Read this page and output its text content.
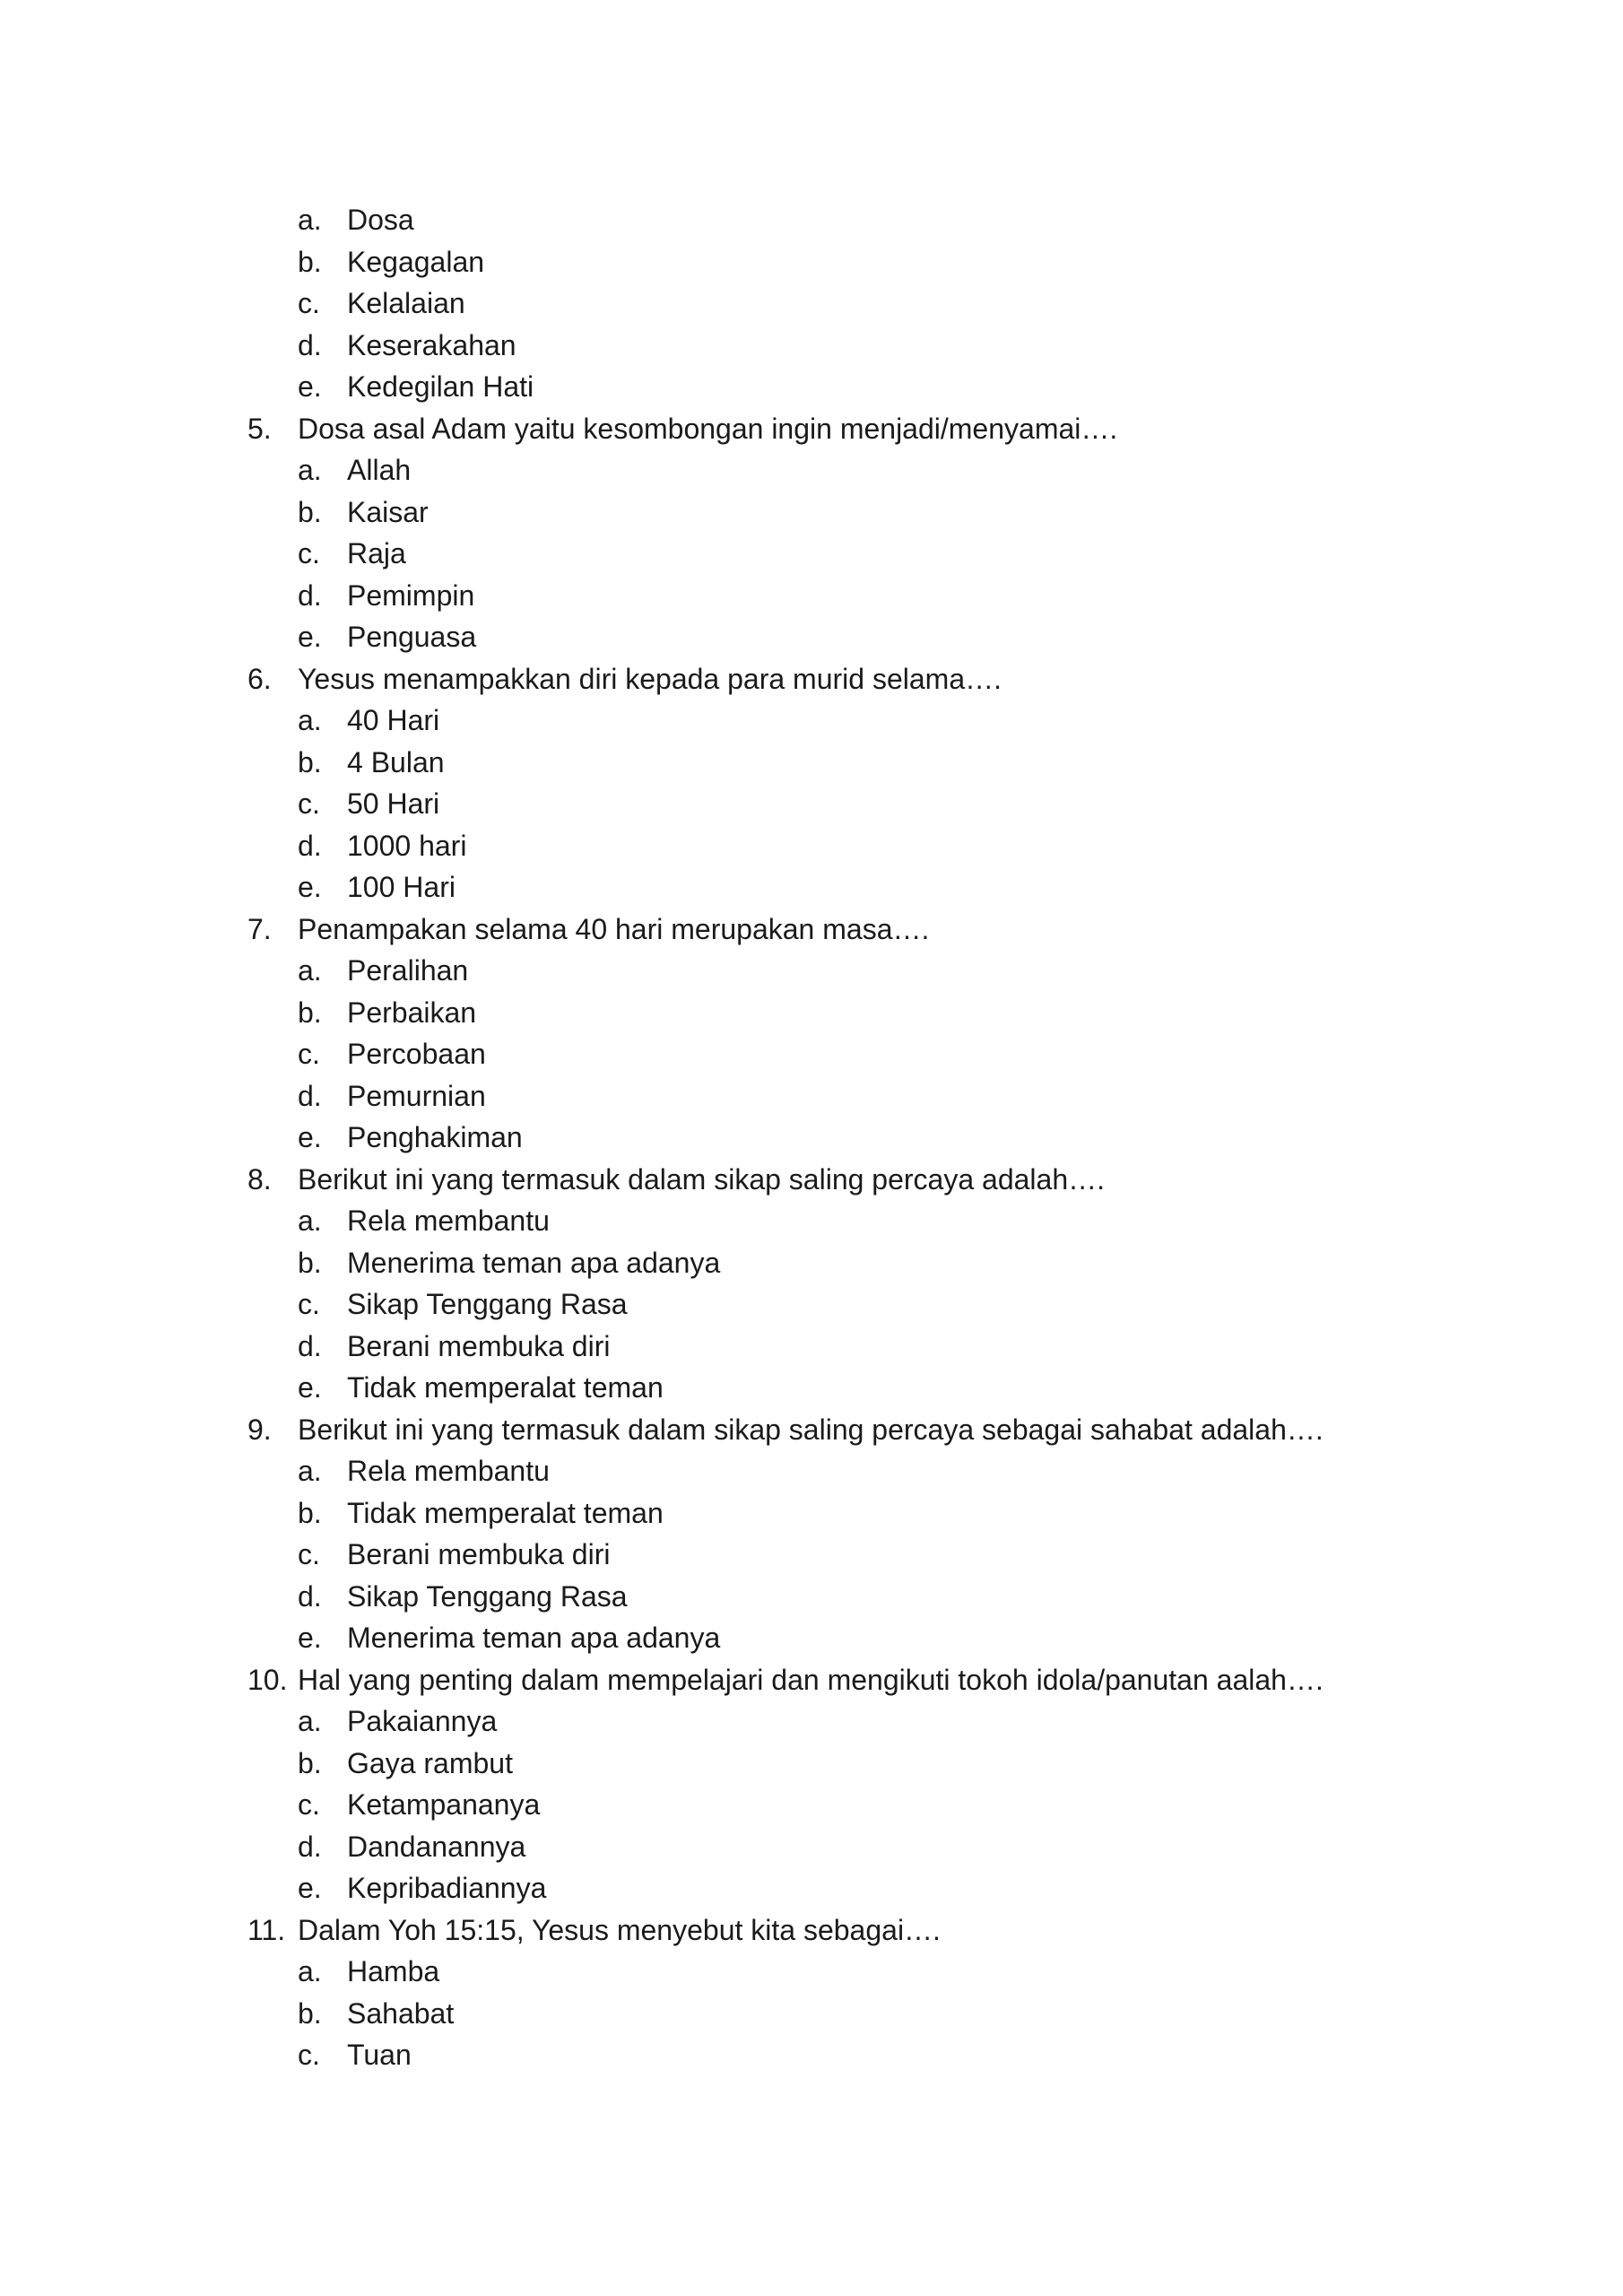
a. Dosa
b. Kegagalan
c. Kelalaian
d. Keserakahan
e. Kedegilan Hati
5. Dosa asal Adam yaitu kesombongan ingin menjadi/menyamai….
a. Allah
b. Kaisar
c. Raja
d. Pemimpin
e. Penguasa
6. Yesus menampakkan diri kepada para murid selama….
a. 40 Hari
b. 4 Bulan
c. 50 Hari
d. 1000 hari
e. 100 Hari
7. Penampakan selama 40 hari merupakan masa….
a. Peralihan
b. Perbaikan
c. Percobaan
d. Pemurnian
e. Penghakiman
8. Berikut ini yang termasuk dalam sikap saling percaya adalah….
a. Rela membantu
b. Menerima teman apa adanya
c. Sikap Tenggang Rasa
d. Berani membuka diri
e. Tidak memperalat teman
9. Berikut ini yang termasuk dalam sikap saling percaya sebagai sahabat adalah….
a. Rela membantu
b. Tidak memperalat teman
c. Berani membuka diri
d. Sikap Tenggang Rasa
e. Menerima teman apa adanya
10. Hal yang penting dalam mempelajari dan mengikuti tokoh idola/panutan aalah….
a. Pakaiannya
b. Gaya rambut
c. Ketampananya
d. Dandanannya
e. Kepribadiannya
11. Dalam Yoh 15:15, Yesus menyebut kita sebagai….
a. Hamba
b. Sahabat
c. Tuan
